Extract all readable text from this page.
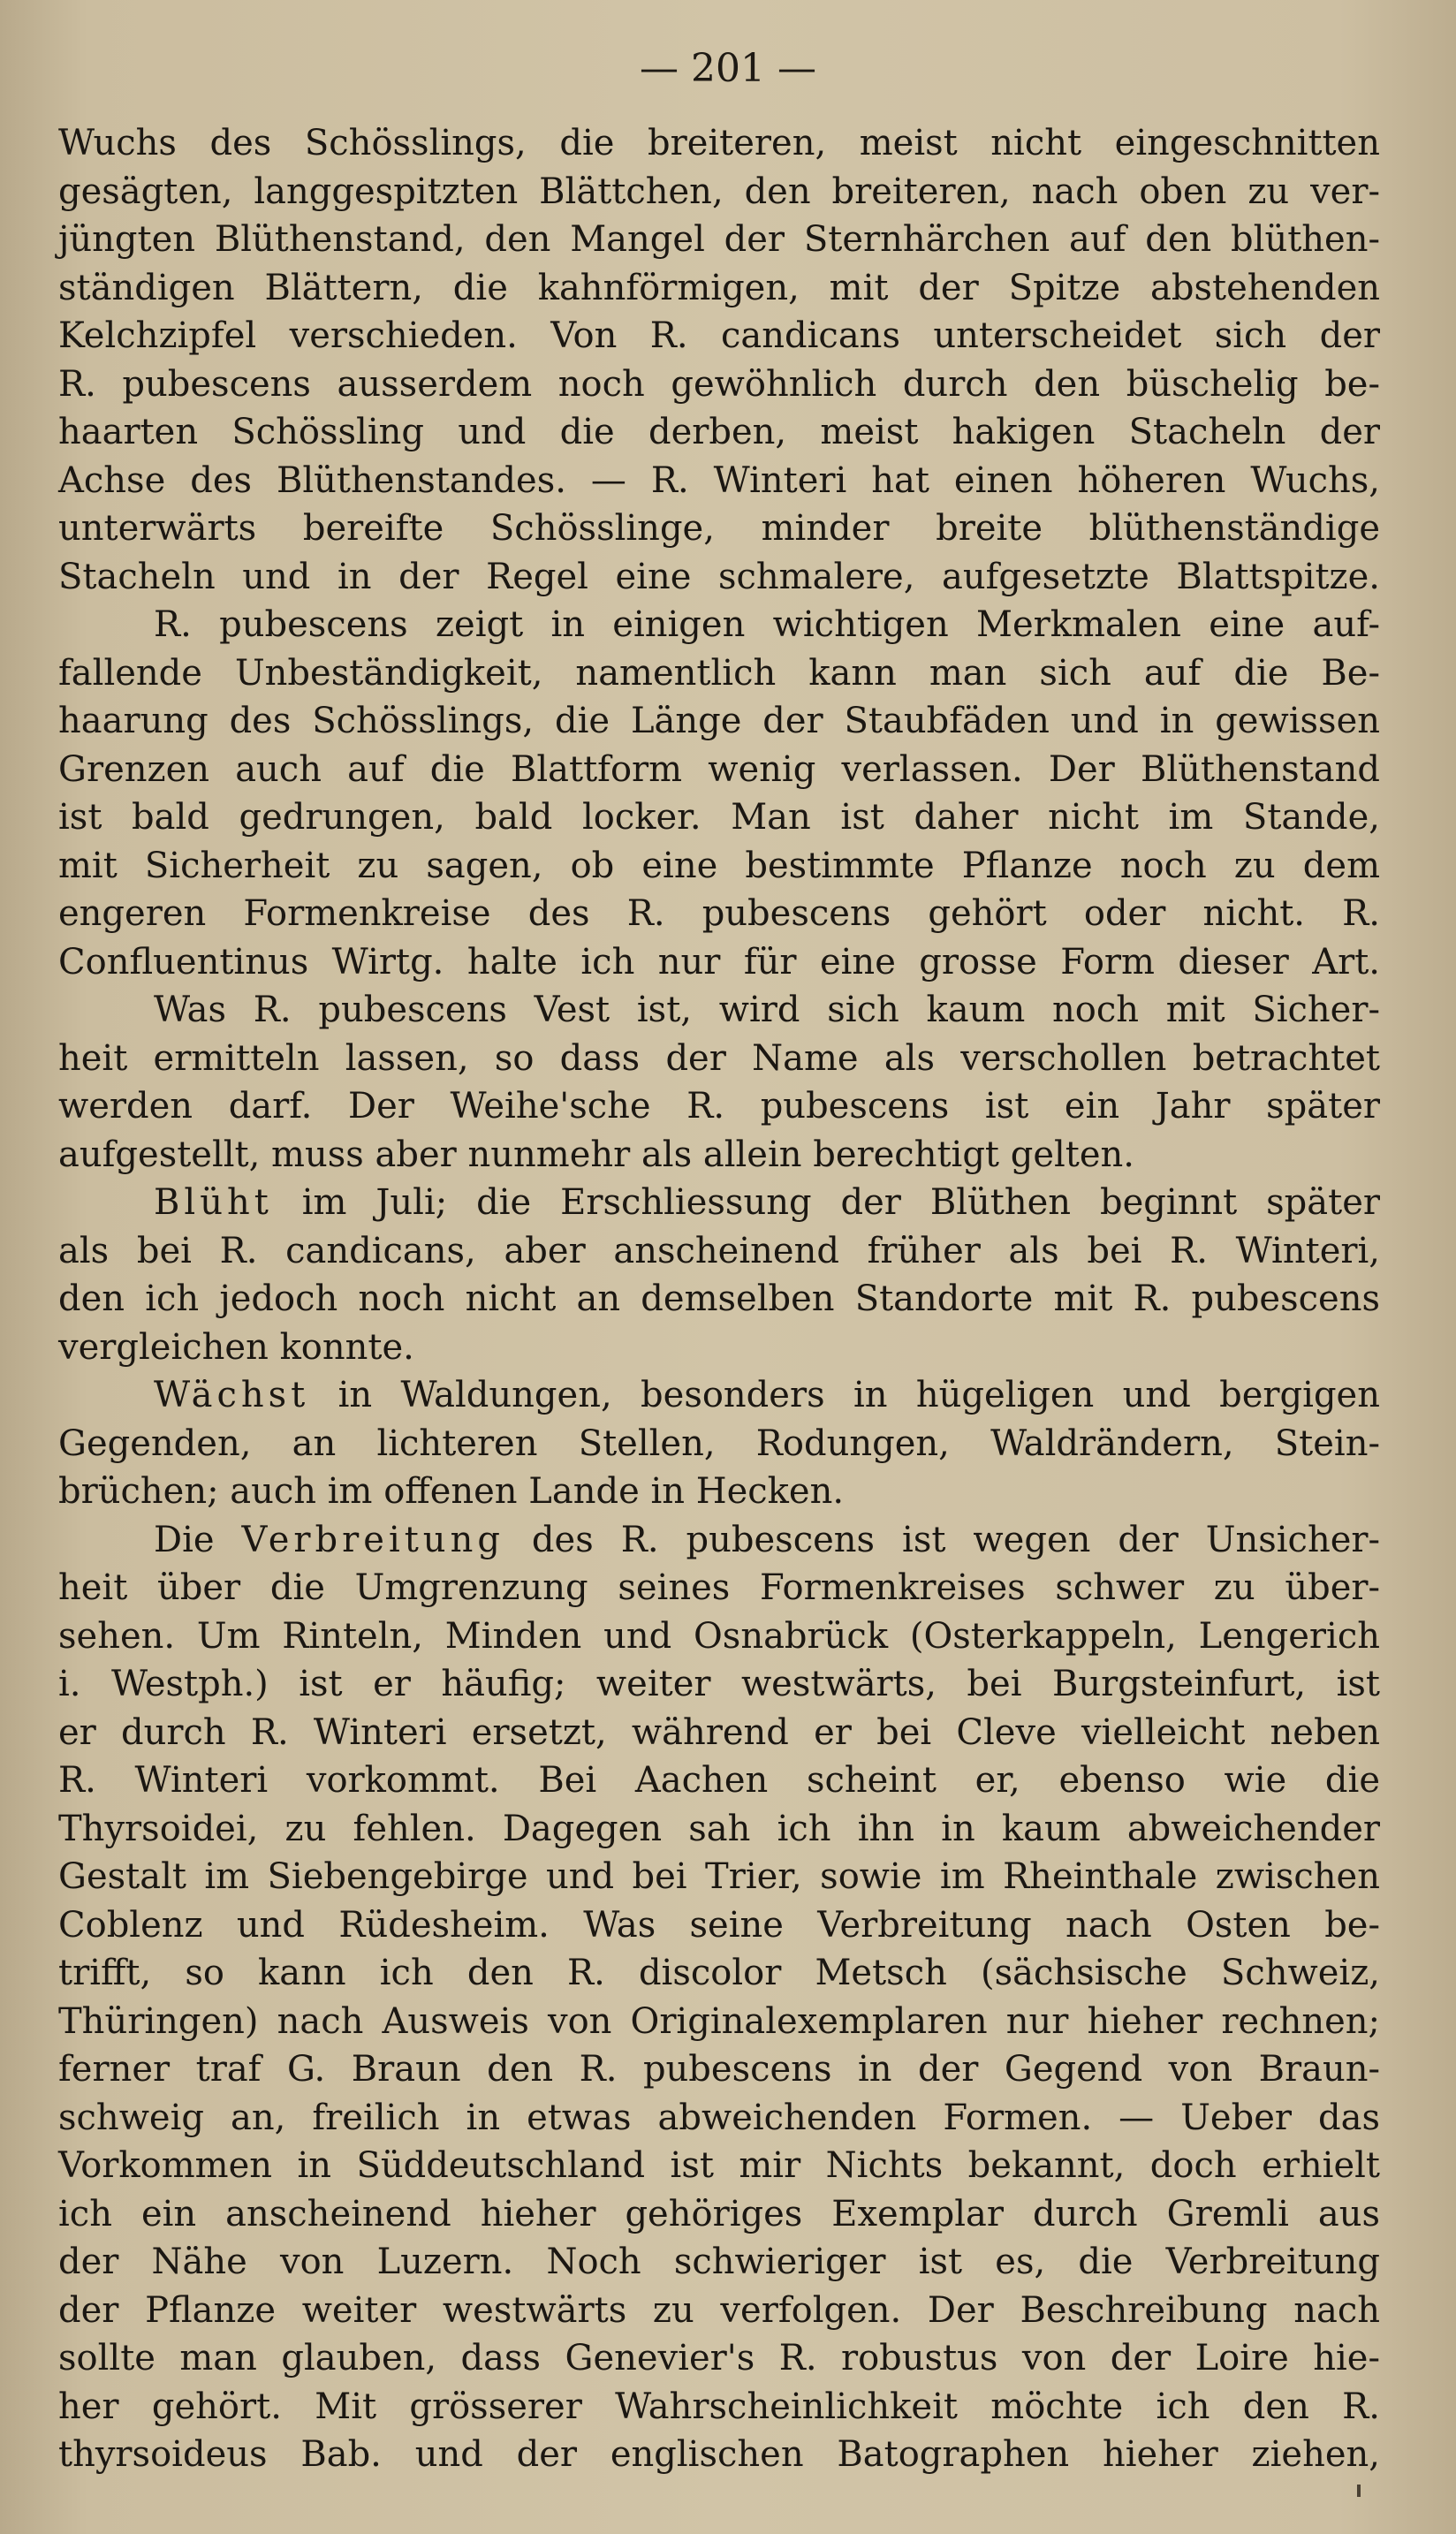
— 201 —
Wuchs des Schösslings, die breiteren, meist nicht eingeschnitten
gesägten, langgespitzten Blättchen, den breiteren, nach oben zu ver-
jüngten Blüthenstand, den Mangel der Sternhärchen auf den blüthen-
ständigen Blättern, die kahnförmigen, mit der Spitze abstehenden
Kelchzipfel verschieden. Von R. candicans unterscheidet sich der
R. pubescens ausserdem noch gewöhnlich durch den büschelig be-
haarten Schössling und die derben, meist hakigen Stacheln der
Achse des Blüthenstandes. — R. Winteri hat einen höheren Wuchs,
unterwärts bereifte Schösslinge, minder breite blüthenständige
Stacheln und in der Regel eine schmalere, aufgesetzte Blattspitze.
R. pubescens zeigt in einigen wichtigen Merkmalen eine auf-
fallende Unbeständigkeit, namentlich kann man sich auf die Be-
haarung des Schösslings, die Länge der Staubfäden und in gewissen
Grenzen auch auf die Blattform wenig verlassen. Der Blüthenstand
ist bald gedrungen, bald locker. Man ist daher nicht im Stande,
mit Sicherheit zu sagen, ob eine bestimmte Pflanze noch zu dem
engeren Formenkreise des R. pubescens gehört oder nicht. R.
Confluentinus Wirtg. halte ich nur für eine grosse Form dieser Art.
Was R. pubescens Vest ist, wird sich kaum noch mit Sicher-
heit ermitteln lassen, so dass der Name als verschollen betrachtet
werden darf. Der Weihe'sche R. pubescens ist ein Jahr später
aufgestellt, muss aber nunmehr als allein berechtigt gelten.
Blüht im Juli; die Erschliessung der Blüthen beginnt später
als bei R. candicans, aber anscheinend früher als bei R. Winteri,
den ich jedoch noch nicht an demselben Standorte mit R. pubescens
vergleichen konnte.
Wächst in Waldungen, besonders in hügeligen und bergigen
Gegenden, an lichteren Stellen, Rodungen, Waldrändern, Stein-
brüchen; auch im offenen Lande in Hecken.
Die Verbreitung des R. pubescens ist wegen der Unsicher-
heit über die Umgrenzung seines Formenkreises schwer zu über-
sehen. Um Rinteln, Minden und Osnabrück (Osterkappeln, Lengerich
i. Westph.) ist er häufig; weiter westwärts, bei Burgsteinfurt, ist
er durch R. Winteri ersetzt, während er bei Cleve vielleicht neben
R. Winteri vorkommt. Bei Aachen scheint er, ebenso wie die
Thyrsoidei, zu fehlen. Dagegen sah ich ihn in kaum abweichender
Gestalt im Siebengebirge und bei Trier, sowie im Rheinthale zwischen
Coblenz und Rüdesheim. Was seine Verbreitung nach Osten be-
trifft, so kann ich den R. discolor Metsch (sächsische Schweiz,
Thüringen) nach Ausweis von Originalexemplaren nur hieher rechnen;
ferner traf G. Braun den R. pubescens in der Gegend von Braun-
schweig an, freilich in etwas abweichenden Formen. — Ueber das
Vorkommen in Süddeutschland ist mir Nichts bekannt, doch erhielt
ich ein anscheinend hieher gehöriges Exemplar durch Gremli aus
der Nähe von Luzern. Noch schwieriger ist es, die Verbreitung
der Pflanze weiter westwärts zu verfolgen. Der Beschreibung nach
sollte man glauben, dass Genevier's R. robustus von der Loire hie-
her gehört. Mit grösserer Wahrscheinlichkeit möchte ich den R.
thyrsoideus Bab. und der englischen Batographen hieher ziehen,
